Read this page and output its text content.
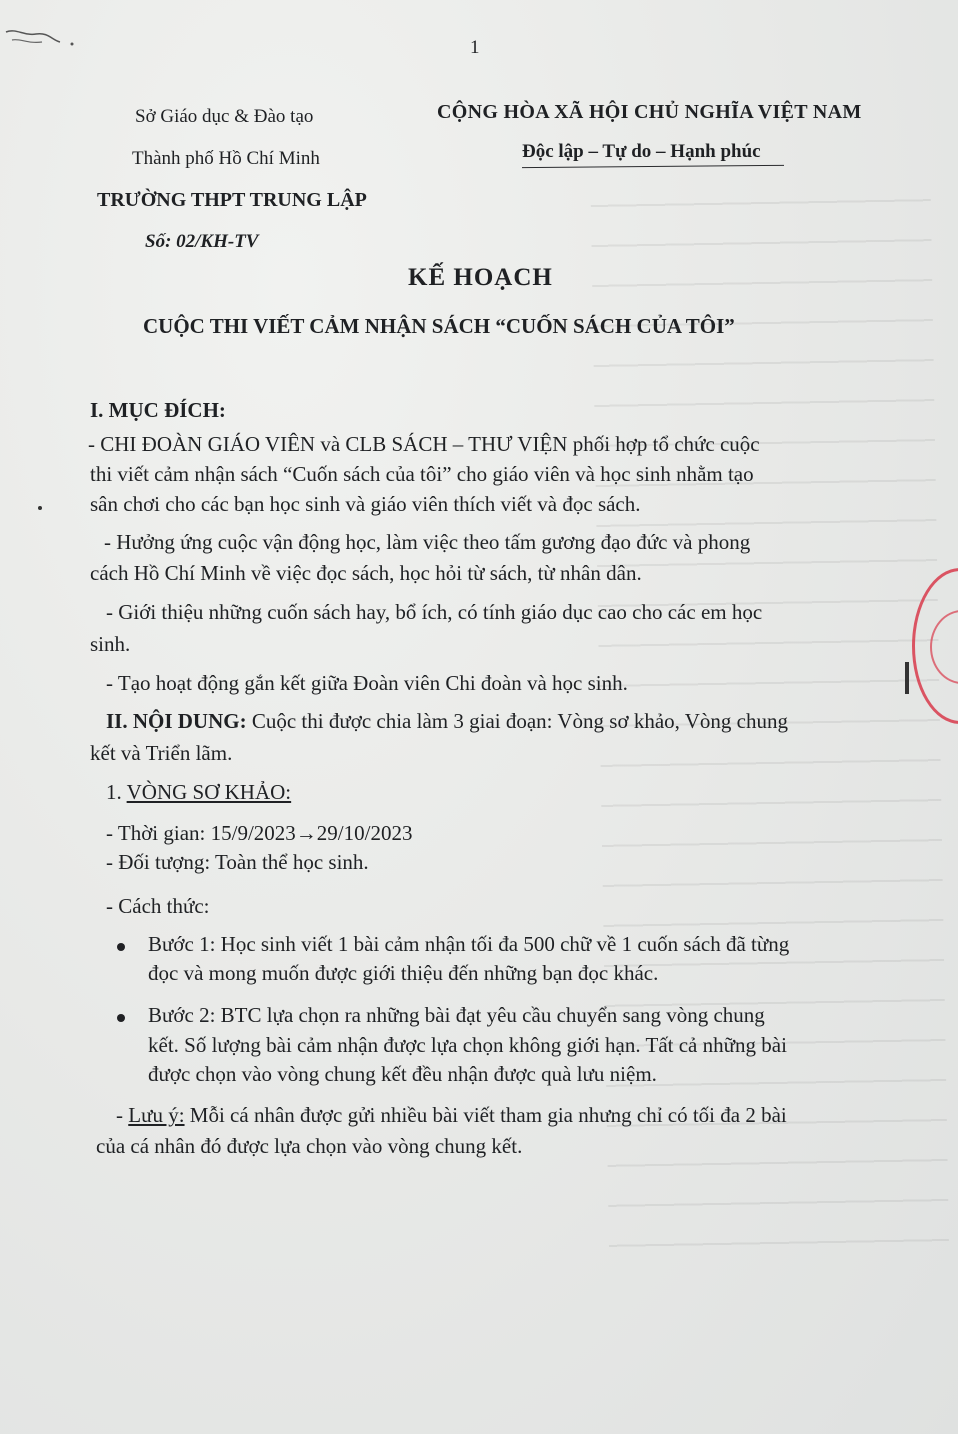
1
Sở Giáo dục & Đào tạo
Thành phố Hồ Chí Minh
TRƯỜNG THPT TRUNG LẬP
Số: 02/KH-TV
CỘNG HÒA XÃ HỘI CHỦ NGHĨA VIỆT NAM
Độc lập – Tự do – Hạnh phúc
KẾ HOẠCH
CUỘC THI VIẾT CẢM NHẬN SÁCH “CUỐN SÁCH CỦA TÔI”
I. MỤC ĐÍCH:
- CHI ĐOÀN GIÁO VIÊN và CLB SÁCH – THƯ VIỆN phối hợp tổ chức cuộc
thi viết cảm nhận sách “Cuốn sách của tôi” cho giáo viên và học sinh nhằm tạo
sân chơi cho các bạn học sinh và giáo viên thích viết và đọc sách.
- Hưởng ứng cuộc vận động học, làm việc theo tấm gương đạo đức và phong
cách Hồ Chí Minh về việc đọc sách, học hỏi từ sách, từ nhân dân.
- Giới thiệu những cuốn sách hay, bổ ích, có tính giáo dục cao cho các em học
sinh.
- Tạo hoạt động gắn kết giữa Đoàn viên Chi đoàn và học sinh.
II. NỘI DUNG: Cuộc thi được chia làm 3 giai đoạn: Vòng sơ khảo, Vòng chung
kết và Triển lãm.
1. VÒNG SƠ KHẢO:
- Thời gian: 15/9/2023→29/10/2023
- Đối tượng: Toàn thể học sinh.
- Cách thức:
Bước 1: Học sinh viết 1 bài cảm nhận tối đa 500 chữ về 1 cuốn sách đã từng
đọc và mong muốn được giới thiệu đến những bạn đọc khác.
Bước 2: BTC lựa chọn ra những bài đạt yêu cầu chuyển sang vòng chung
kết. Số lượng bài cảm nhận được lựa chọn không giới hạn. Tất cả những bài
được chọn vào vòng chung kết đều nhận được quà lưu niệm.
- Lưu ý: Mỗi cá nhân được gửi nhiều bài viết tham gia nhưng chỉ có tối đa 2 bài
của cá nhân đó được lựa chọn vào vòng chung kết.
